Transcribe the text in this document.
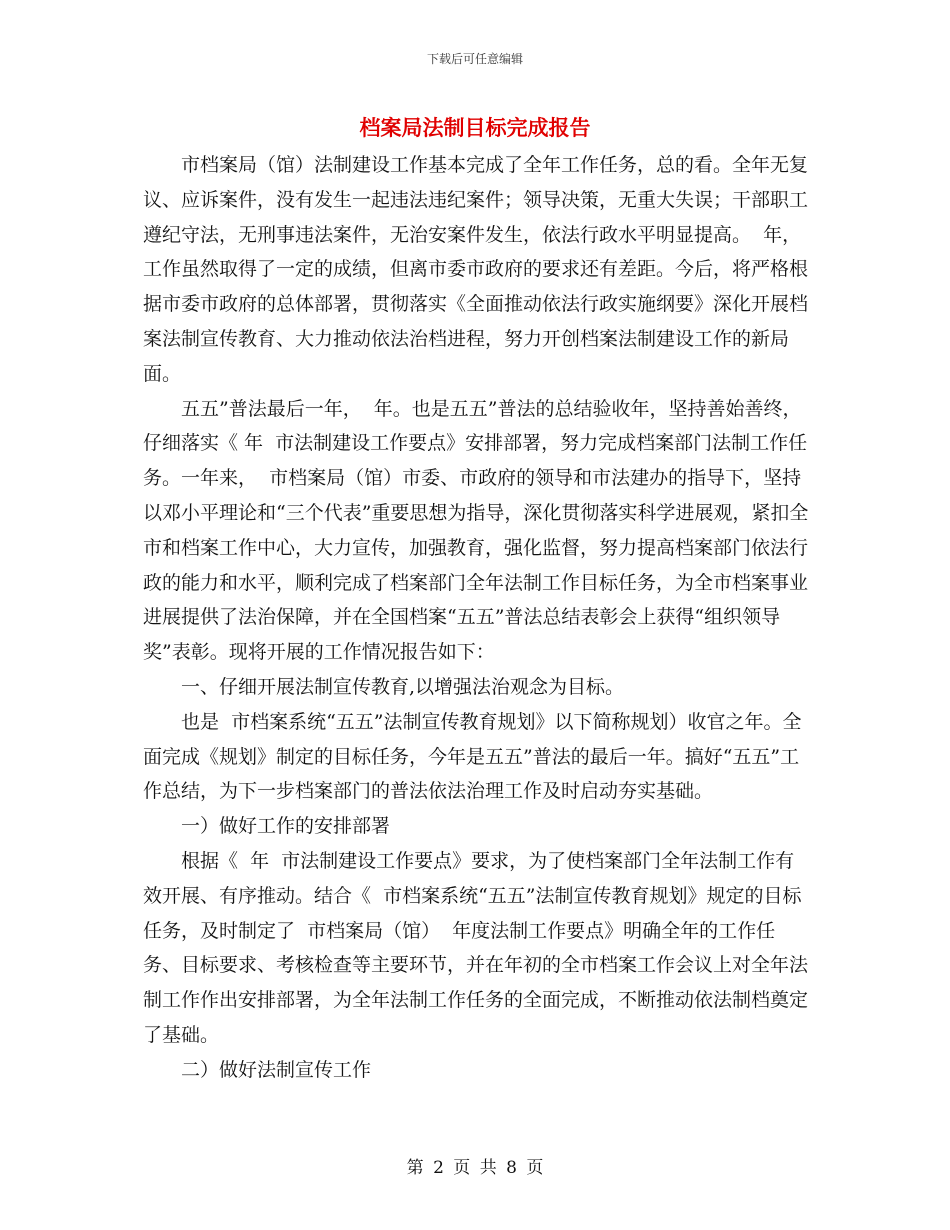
下载后可任意编辑
档案局法制目标完成报告

市档案局（馆）法制建设工作基本完成了全年工作任务，总的看。全年无复议、应诉案件，没有发生一起违法违纪案件；领导决策，无重大失误；干部职工遵纪守法，无刑事违法案件，无治安案件发生，依法行政水平明显提高。  年，工作虽然取得了一定的成绩，但离市委市政府的要求还有差距。今后，将严格根据市委市政府的总体部署，贯彻落实《全面推动依法行政实施纲要》深化开展档案法制宣传教育、大力推动依法治档进程，努力开创档案法制建设工作的新局面。

五五”普法最后一年，  年。也是五五”普法的总结验收年，坚持善始善终，仔细落实《 年  市法制建设工作要点》安排部署，努力完成档案部门法制工作任务。一年来，  市档案局（馆）市委、市政府的领导和市法建办的指导下，坚持以邓小平理论和“三个代表”重要思想为指导，深化贯彻落实科学进展观，紧扣全市和档案工作中心，大力宣传，加强教育，强化监督，努力提高档案部门依法行政的能力和水平，顺利完成了档案部门全年法制工作目标任务，为全市档案事业进展提供了法治保障，并在全国档案“五五”普法总结表彰会上获得“组织领导奖”表彰。现将开展的工作情况报告如下：

一、仔细开展法制宣传教育,以增强法治观念为目标。

也是  市档案系统“五五”法制宣传教育规划》以下简称规划）收官之年。全面完成《规划》制定的目标任务，今年是五五”普法的最后一年。搞好“五五”工作总结，为下一步档案部门的普法依法治理工作及时启动夯实基础。

一）做好工作的安排部署

根据《  年  市法制建设工作要点》要求，为了使档案部门全年法制工作有效开展、有序推动。结合《  市档案系统“五五”法制宣传教育规划》规定的目标任务，及时制定了  市档案局（馆）  年度法制工作要点》明确全年的工作任务、目标要求、考核检查等主要环节，并在年初的全市档案工作会议上对全年法制工作作出安排部署，为全年法制工作任务的全面完成，不断推动依法制档奠定了基础。

二）做好法制宣传工作

第 2 页 共 8 页
